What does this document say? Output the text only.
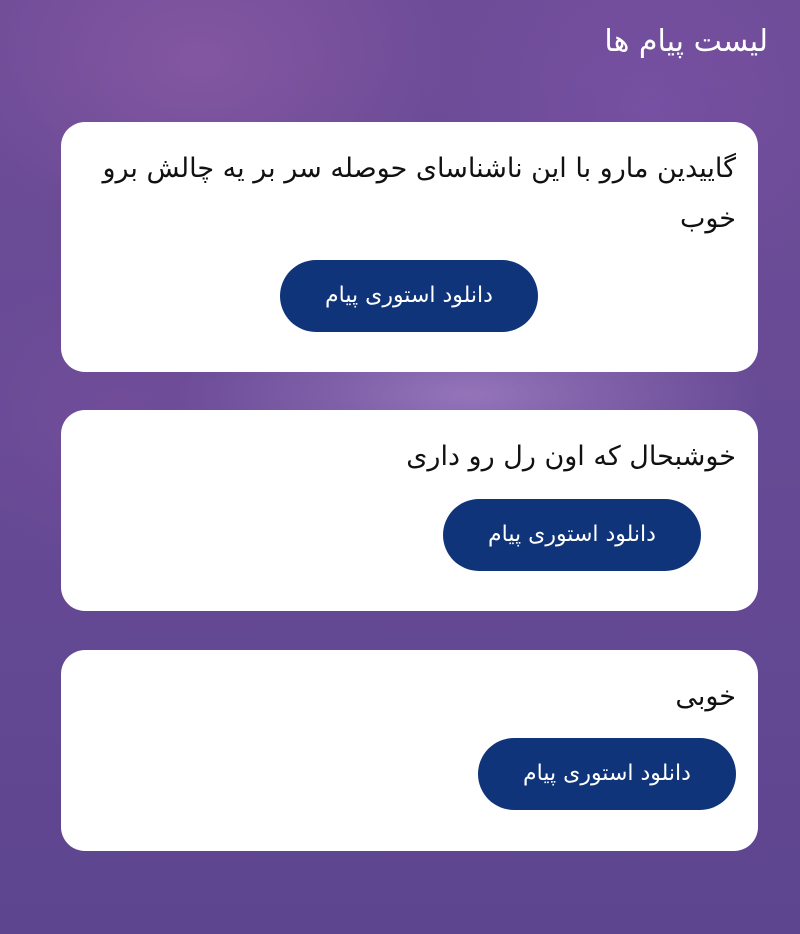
لیست پیام ها

گاییدین مارو با این ناشناسای حوصله سر بر یه چالش برو خوب

دانلود استوری پیام

خوشبحال که اون رل رو داری

دانلود استوری پیام

خوبی

دانلود استوری پیام
